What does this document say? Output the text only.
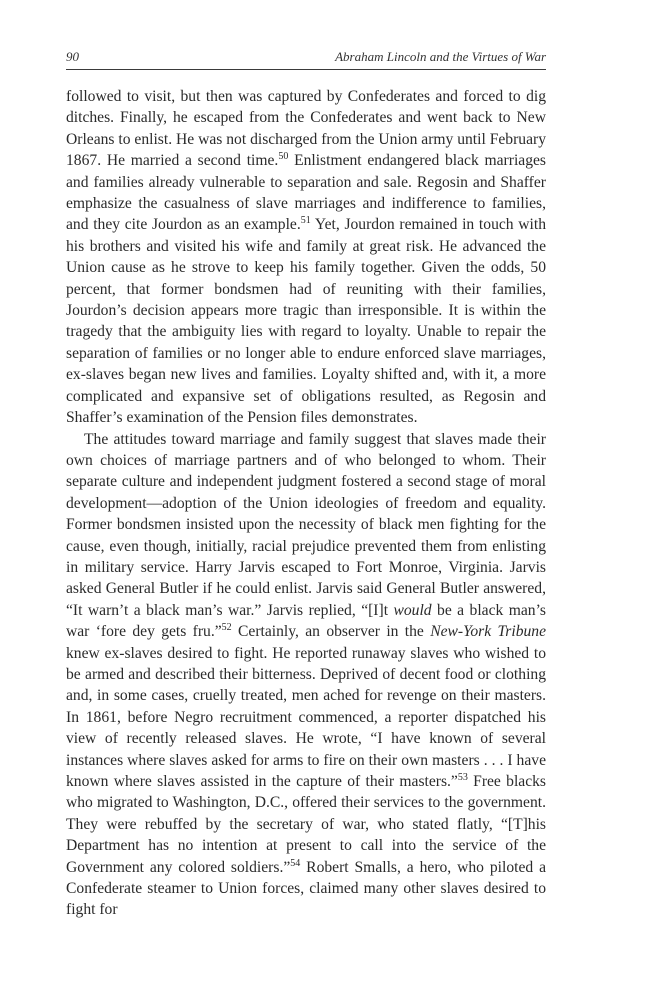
90	Abraham Lincoln and the Virtues of War

followed to visit, but then was captured by Confederates and forced to dig ditches. Finally, he escaped from the Confederates and went back to New Orleans to enlist. He was not discharged from the Union army until February 1867. He married a second time.$^{50}$ Enlistment endangered black marriages and families already vulnerable to separation and sale. Regosin and Shaffer emphasize the casualness of slave marriages and indifference to families, and they cite Jourdon as an example.$^{51}$ Yet, Jourdon remained in touch with his brothers and visited his wife and family at great risk. He advanced the Union cause as he strove to keep his family together. Given the odds, 50 percent, that former bondsmen had of reuniting with their families, Jourdon’s decision appears more tragic than irresponsible. It is within the tragedy that the ambiguity lies with regard to loyalty. Unable to repair the separation of families or no longer able to endure enforced slave marriages, ex-slaves began new lives and families. Loyalty shifted and, with it, a more complicated and expansive set of obligations resulted, as Regosin and Shaffer’s examination of the Pension files demonstrates.

The attitudes toward marriage and family suggest that slaves made their own choices of marriage partners and of who belonged to whom. Their separate culture and independent judgment fostered a second stage of moral development—adoption of the Union ideologies of freedom and equality. Former bondsmen insisted upon the necessity of black men fighting for the cause, even though, initially, racial prejudice prevented them from enlisting in military service. Harry Jarvis escaped to Fort Monroe, Virginia. Jarvis asked General Butler if he could enlist. Jarvis said General Butler answered, “It warn’t a black man’s war.” Jarvis replied, “[I]t would be a black man’s war ‘fore dey gets fru.”$^{52}$ Certainly, an observer in the New-York Tribune knew ex-slaves desired to fight. He reported runaway slaves who wished to be armed and described their bitterness. Deprived of decent food or clothing and, in some cases, cruelly treated, men ached for revenge on their masters. In 1861, before Negro recruitment commenced, a reporter dispatched his view of recently released slaves. He wrote, “I have known of several instances where slaves asked for arms to fire on their own masters . . . I have known where slaves assisted in the capture of their masters.”$^{53}$ Free blacks who migrated to Washington, D.C., offered their services to the government. They were rebuffed by the secretary of war, who stated flatly, “[T]his Department has no intention at present to call into the service of the Government any colored soldiers.”$^{54}$ Robert Smalls, a hero, who piloted a Confederate steamer to Union forces, claimed many other slaves desired to fight for
